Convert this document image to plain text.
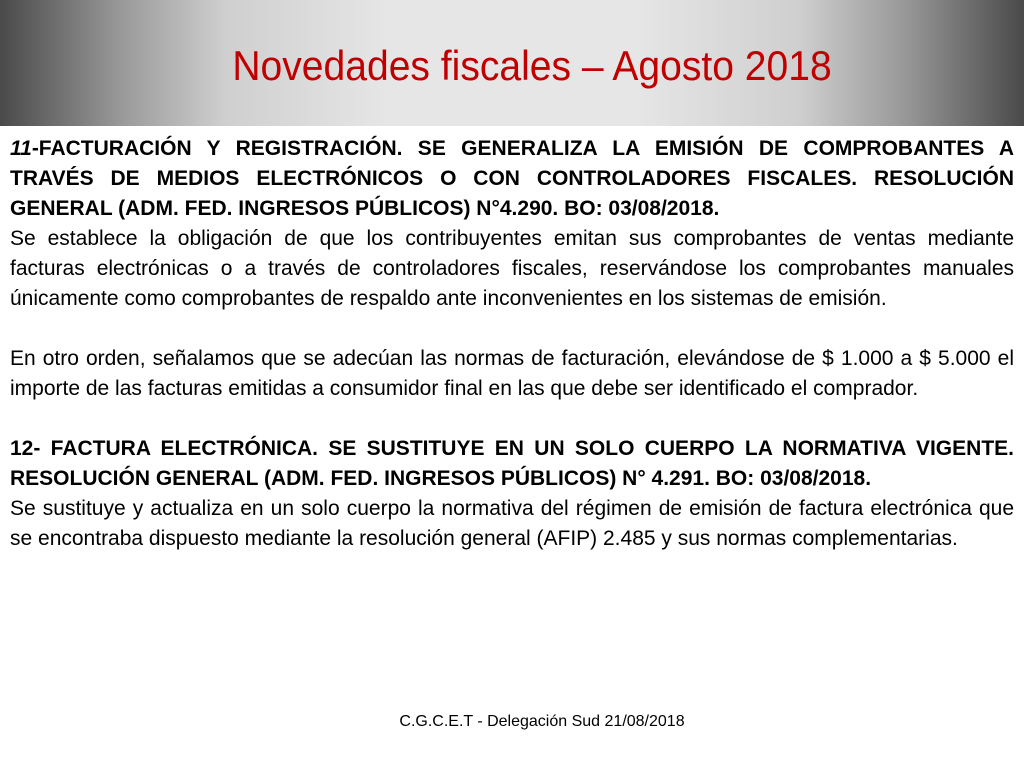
Novedades fiscales – Agosto 2018

11-FACTURACIÓN Y REGISTRACIÓN. SE GENERALIZA LA EMISIÓN DE COMPROBANTES A TRAVÉS DE MEDIOS ELECTRÓNICOS O CON CONTROLADORES FISCALES. RESOLUCIÓN GENERAL (ADM. FED. INGRESOS PÚBLICOS) N°4.290. BO: 03/08/2018.

Se establece la obligación de que los contribuyentes emitan sus comprobantes de ventas mediante facturas electrónicas o a través de controladores fiscales, reservándose los comprobantes manuales únicamente como comprobantes de respaldo ante inconvenientes en los sistemas de emisión.

En otro orden, señalamos que se adecúan las normas de facturación, elevándose de $ 1.000 a $ 5.000 el importe de las facturas emitidas a consumidor final en las que debe ser identificado el comprador.

12- FACTURA ELECTRÓNICA. SE SUSTITUYE EN UN SOLO CUERPO LA NORMATIVA VIGENTE. RESOLUCIÓN GENERAL (ADM. FED. INGRESOS PÚBLICOS) N° 4.291. BO: 03/08/2018.

Se sustituye y actualiza en un solo cuerpo la normativa del régimen de emisión de factura electrónica que se encontraba dispuesto mediante la resolución general (AFIP) 2.485 y sus normas complementarias.

C.G.C.E.T - Delegación Sud 21/08/2018
